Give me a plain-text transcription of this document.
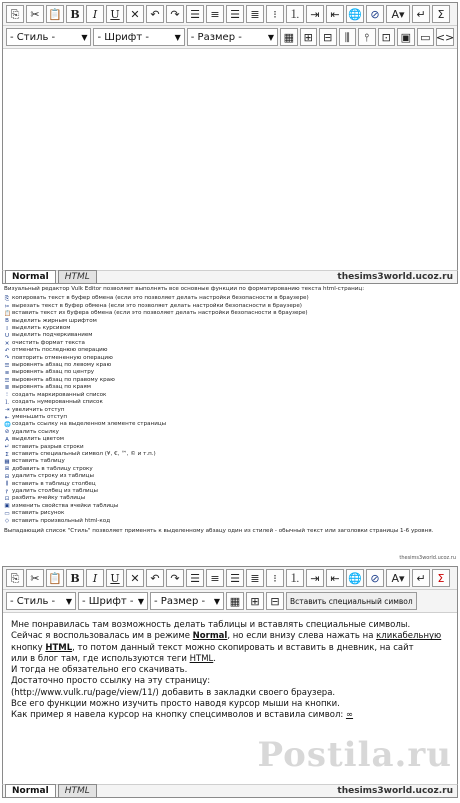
⎘ ✂ 📋 B	I	U ✕ ↶ ↷ ☰ ≡ ☰ ≣	⁝	⒈ ⇥ ⇤ 🌐 ⊘	A▾	↵	Σ
- Стиль -	▼ - Шрифт -	▼ - Размер -	▼ ▦ ⊞ ⊟	⫼	⫯	⊡ ▣ ▭ <>
Normal	HTML	thesims3world.ucoz.ru
Визуальный редактор Vulk Editor позволяет выполнять все основные функции по форматированию текста html-страниц:
⎘ копировать текст в буфер обмена (если это позволяет делать настройки безопасности в браузере)
✂ вырезать текст в буфер обмена (если это позволяет делать настройки безопасности в браузере)
📋 вставить текст из буфера обмена (если это позволяет делать настройки безопасности в браузере)
B выделить жирным шрифтом
I выделить курсивом
U выделить подчеркиванием
✕ очистить формат текста
↶ отменить последнюю операцию
↷ повторить отмененную операцию
☰ выровнять абзац по левому краю
≡ выровнять абзац по центру
☰ выровнять абзац по правому краю
≣ выровнять абзац по краям
⁝ создать маркированный список
⒈ создать нумерованный список
⇥ увеличить отступ
⇤ уменьшить отступ
🌐 создать ссылку на выделенном элементе страницы
⊘ удалить ссылку
A выделить цветом
↵ вставить разрыв строки
Σ вставить специальный символ (¥, €, ™, © и т.п.)
▦ вставить таблицу
⊞ добавить в таблицу строку
⊟ удалить строку из таблицы
⫼ вставить в таблицу столбец
⫯ удалить столбец из таблицы
⊡ разбить ячейку таблицы
▣ изменить свойства ячейки таблицы
▭ вставить рисунок
◇ вставить произвольный html-код
Выпадающий список "Стиль" позволяет применять к выделенному абзацу один из стилей - обычный текст или заголовки страницы 1-6 уровня.
thesims3world.ucoz.ru
⎘ ✂ 📋 B	I	U ✕ ↶ ↷ ☰ ≡ ☰ ≣	⁝	⒈ ⇥ ⇤ 🌐 ⊘	A▾	↵	Σ
- Стиль - ▼ - Шрифт - ▼ - Размер - ▼ ▦ ⊞ ⊟	Вставить специальный символ
Мне понравилась там возможность делать таблицы и вставлять специальные символы.
Сейчас я воспользовалась им в режиме Normal, но если внизу слева нажать на кликабельную
кнопку HTML, то потом данный текст можно скопировать и вставить в дневник, на сайт
или в блог там, где используются теги HTML.
И тогда не обязательно его скачивать.
Достаточно просто ссылку на эту страницу:
(http://www.vulk.ru/page/view/11/) добавить в закладки своего браузера.
Все его функции можно изучить просто наводя курсор мыши на кнопки.
Как пример я навела курсор на кнопку спецсимволов и вставила символ: ∞
Postila.ru
Normal	HTML	thesims3world.ucoz.ru
